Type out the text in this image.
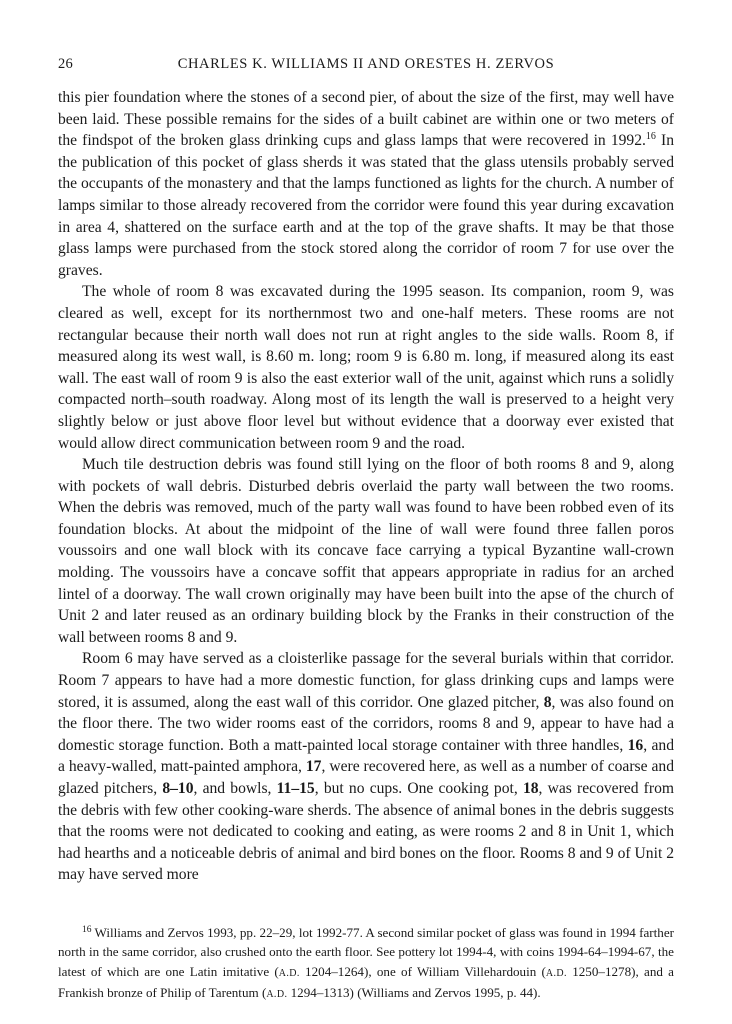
26	CHARLES K. WILLIAMS II AND ORESTES H. ZERVOS

this pier foundation where the stones of a second pier, of about the size of the first, may well have been laid. These possible remains for the sides of a built cabinet are within one or two meters of the findspot of the broken glass drinking cups and glass lamps that were recovered in 1992.16 In the publication of this pocket of glass sherds it was stated that the glass utensils probably served the occupants of the monastery and that the lamps functioned as lights for the church. A number of lamps similar to those already recovered from the corridor were found this year during excavation in area 4, shattered on the surface earth and at the top of the grave shafts. It may be that those glass lamps were purchased from the stock stored along the corridor of room 7 for use over the graves.

The whole of room 8 was excavated during the 1995 season. Its companion, room 9, was cleared as well, except for its northernmost two and one-half meters. These rooms are not rectangular because their north wall does not run at right angles to the side walls. Room 8, if measured along its west wall, is 8.60 m. long; room 9 is 6.80 m. long, if measured along its east wall. The east wall of room 9 is also the east exterior wall of the unit, against which runs a solidly compacted north–south roadway. Along most of its length the wall is preserved to a height very slightly below or just above floor level but without evidence that a doorway ever existed that would allow direct communication between room 9 and the road.

Much tile destruction debris was found still lying on the floor of both rooms 8 and 9, along with pockets of wall debris. Disturbed debris overlaid the party wall between the two rooms. When the debris was removed, much of the party wall was found to have been robbed even of its foundation blocks. At about the midpoint of the line of wall were found three fallen poros voussoirs and one wall block with its concave face carrying a typical Byzantine wall-crown molding. The voussoirs have a concave soffit that appears appropriate in radius for an arched lintel of a doorway. The wall crown originally may have been built into the apse of the church of Unit 2 and later reused as an ordinary building block by the Franks in their construction of the wall between rooms 8 and 9.

Room 6 may have served as a cloisterlike passage for the several burials within that corridor. Room 7 appears to have had a more domestic function, for glass drinking cups and lamps were stored, it is assumed, along the east wall of this corridor. One glazed pitcher, 8, was also found on the floor there. The two wider rooms east of the corridors, rooms 8 and 9, appear to have had a domestic storage function. Both a matt-painted local storage container with three handles, 16, and a heavy-walled, matt-painted amphora, 17, were recovered here, as well as a number of coarse and glazed pitchers, 8–10, and bowls, 11–15, but no cups. One cooking pot, 18, was recovered from the debris with few other cooking-ware sherds. The absence of animal bones in the debris suggests that the rooms were not dedicated to cooking and eating, as were rooms 2 and 8 in Unit 1, which had hearths and a noticeable debris of animal and bird bones on the floor. Rooms 8 and 9 of Unit 2 may have served more

$^{16}$ Williams and Zervos 1993, pp. 22–29, lot 1992-77. A second similar pocket of glass was found in 1994 farther north in the same corridor, also crushed onto the earth floor. See pottery lot 1994-4, with coins 1994-64–1994-67, the latest of which are one Latin imitative (A.D. 1204–1264), one of William Villehardouin (A.D. 1250–1278), and a Frankish bronze of Philip of Tarentum (A.D. 1294–1313) (Williams and Zervos 1995, p. 44).
